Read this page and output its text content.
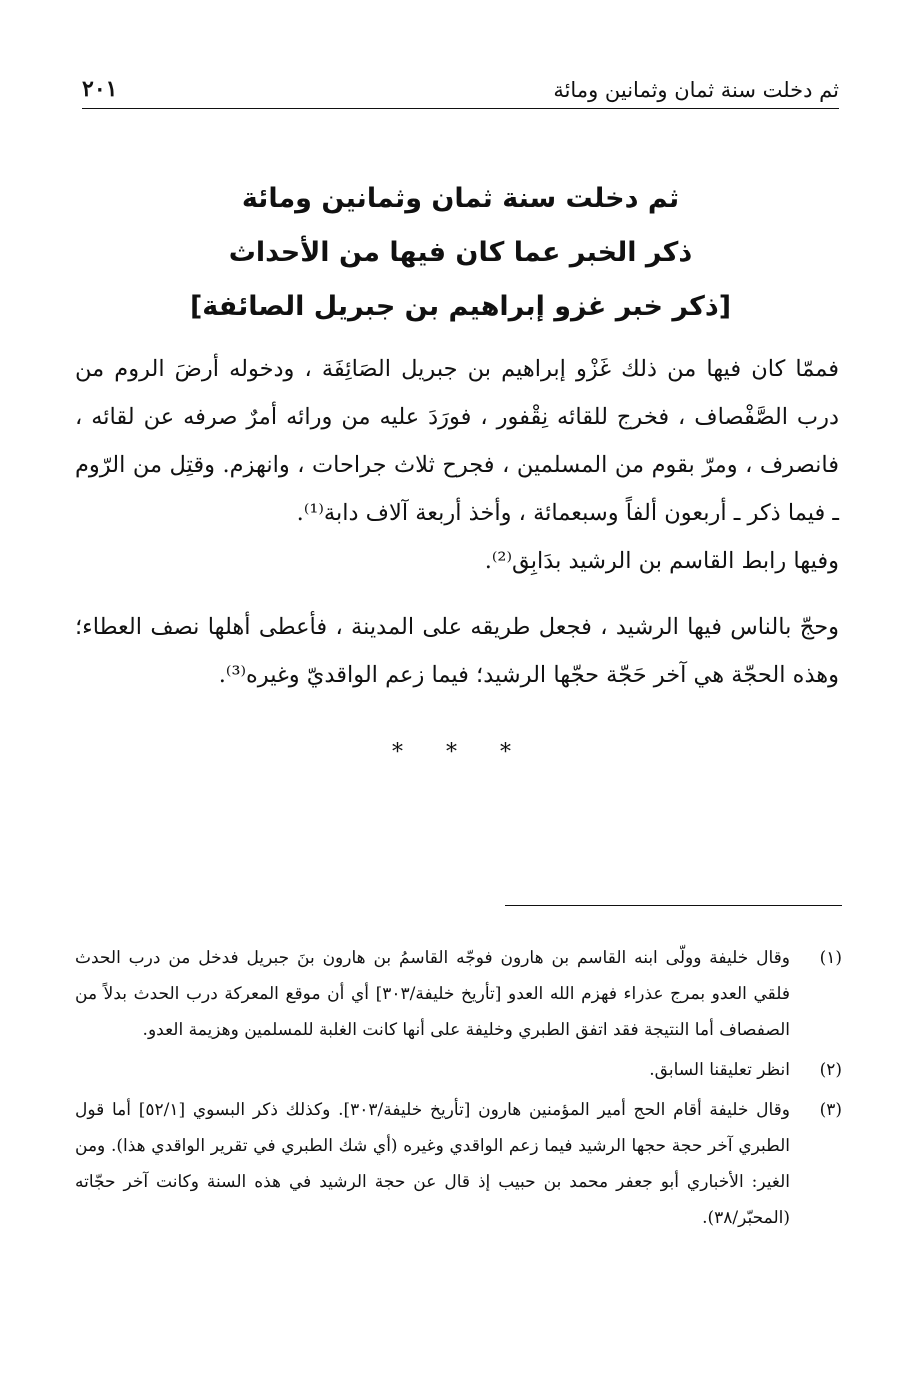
ثم دخلت سنة ثمان وثمانين ومائة
٢٠١
ثم دخلت سنة ثمان وثمانين ومائة
ذكر الخبر عما كان فيها من الأحداث
[ذكر خبر غزو إبراهيم بن جبريل الصائفة]

فممّا كان فيها من ذلك غَزْو إبراهيم بن جبريل الصَائِفَة ، ودخوله أرضَ الروم من درب الصَّفْصاف ، فخرج للقائه نِقْفور ، فورَدَ عليه من ورائه أمرٌ صرفه عن لقائه ، فانصرف ، ومرّ بقوم من المسلمين ، فجرح ثلاث جراحات ، وانهزم. وقتِل من الرّوم ـ فيما ذكر ـ أربعون ألفاً وسبعمائة ، وأخذ أربعة آلاف دابة⁽¹⁾.

وفيها رابط القاسم بن الرشيد بدَابِق⁽²⁾.

وحجّ بالناس فيها الرشيد ، فجعل طريقه على المدينة ، فأعطى أهلها نصف العطاء؛ وهذه الحجّة هي آخر حَجّة حجّها الرشيد؛ فيما زعم الواقديّ وغيره⁽³⁾.

* * *
(١)
وقال خليفة وولّى ابنه القاسم بن هارون فوجّه القاسمُ بن هارون بنَ جبريل فدخل من درب الحدث فلقي العدو بمرج عذراء فهزم الله العدو [تأريخ خليفة/٣٠٣] أي أن موقع المعركة درب الحدث بدلاً من الصفصاف أما النتيجة فقد اتفق الطبري وخليفة على أنها كانت الغلبة للمسلمين وهزيمة العدو.
(٢)
انظر تعليقنا السابق.
(٣)
وقال خليفة أقام الحج أمير المؤمنين هارون [تأريخ خليفة/٣٠٣]. وكذلك ذكر البسوي [٥٢/١] أما قول الطبري آخر حجة حجها الرشيد فيما زعم الواقدي وغيره (أي شك الطبري في تقرير الواقدي هذا). ومن الغير: الأخباري أبو جعفر محمد بن حبيب إذ قال عن حجة الرشيد في هذه السنة وكانت آخر حجّاته (المحبّر/٣٨).
